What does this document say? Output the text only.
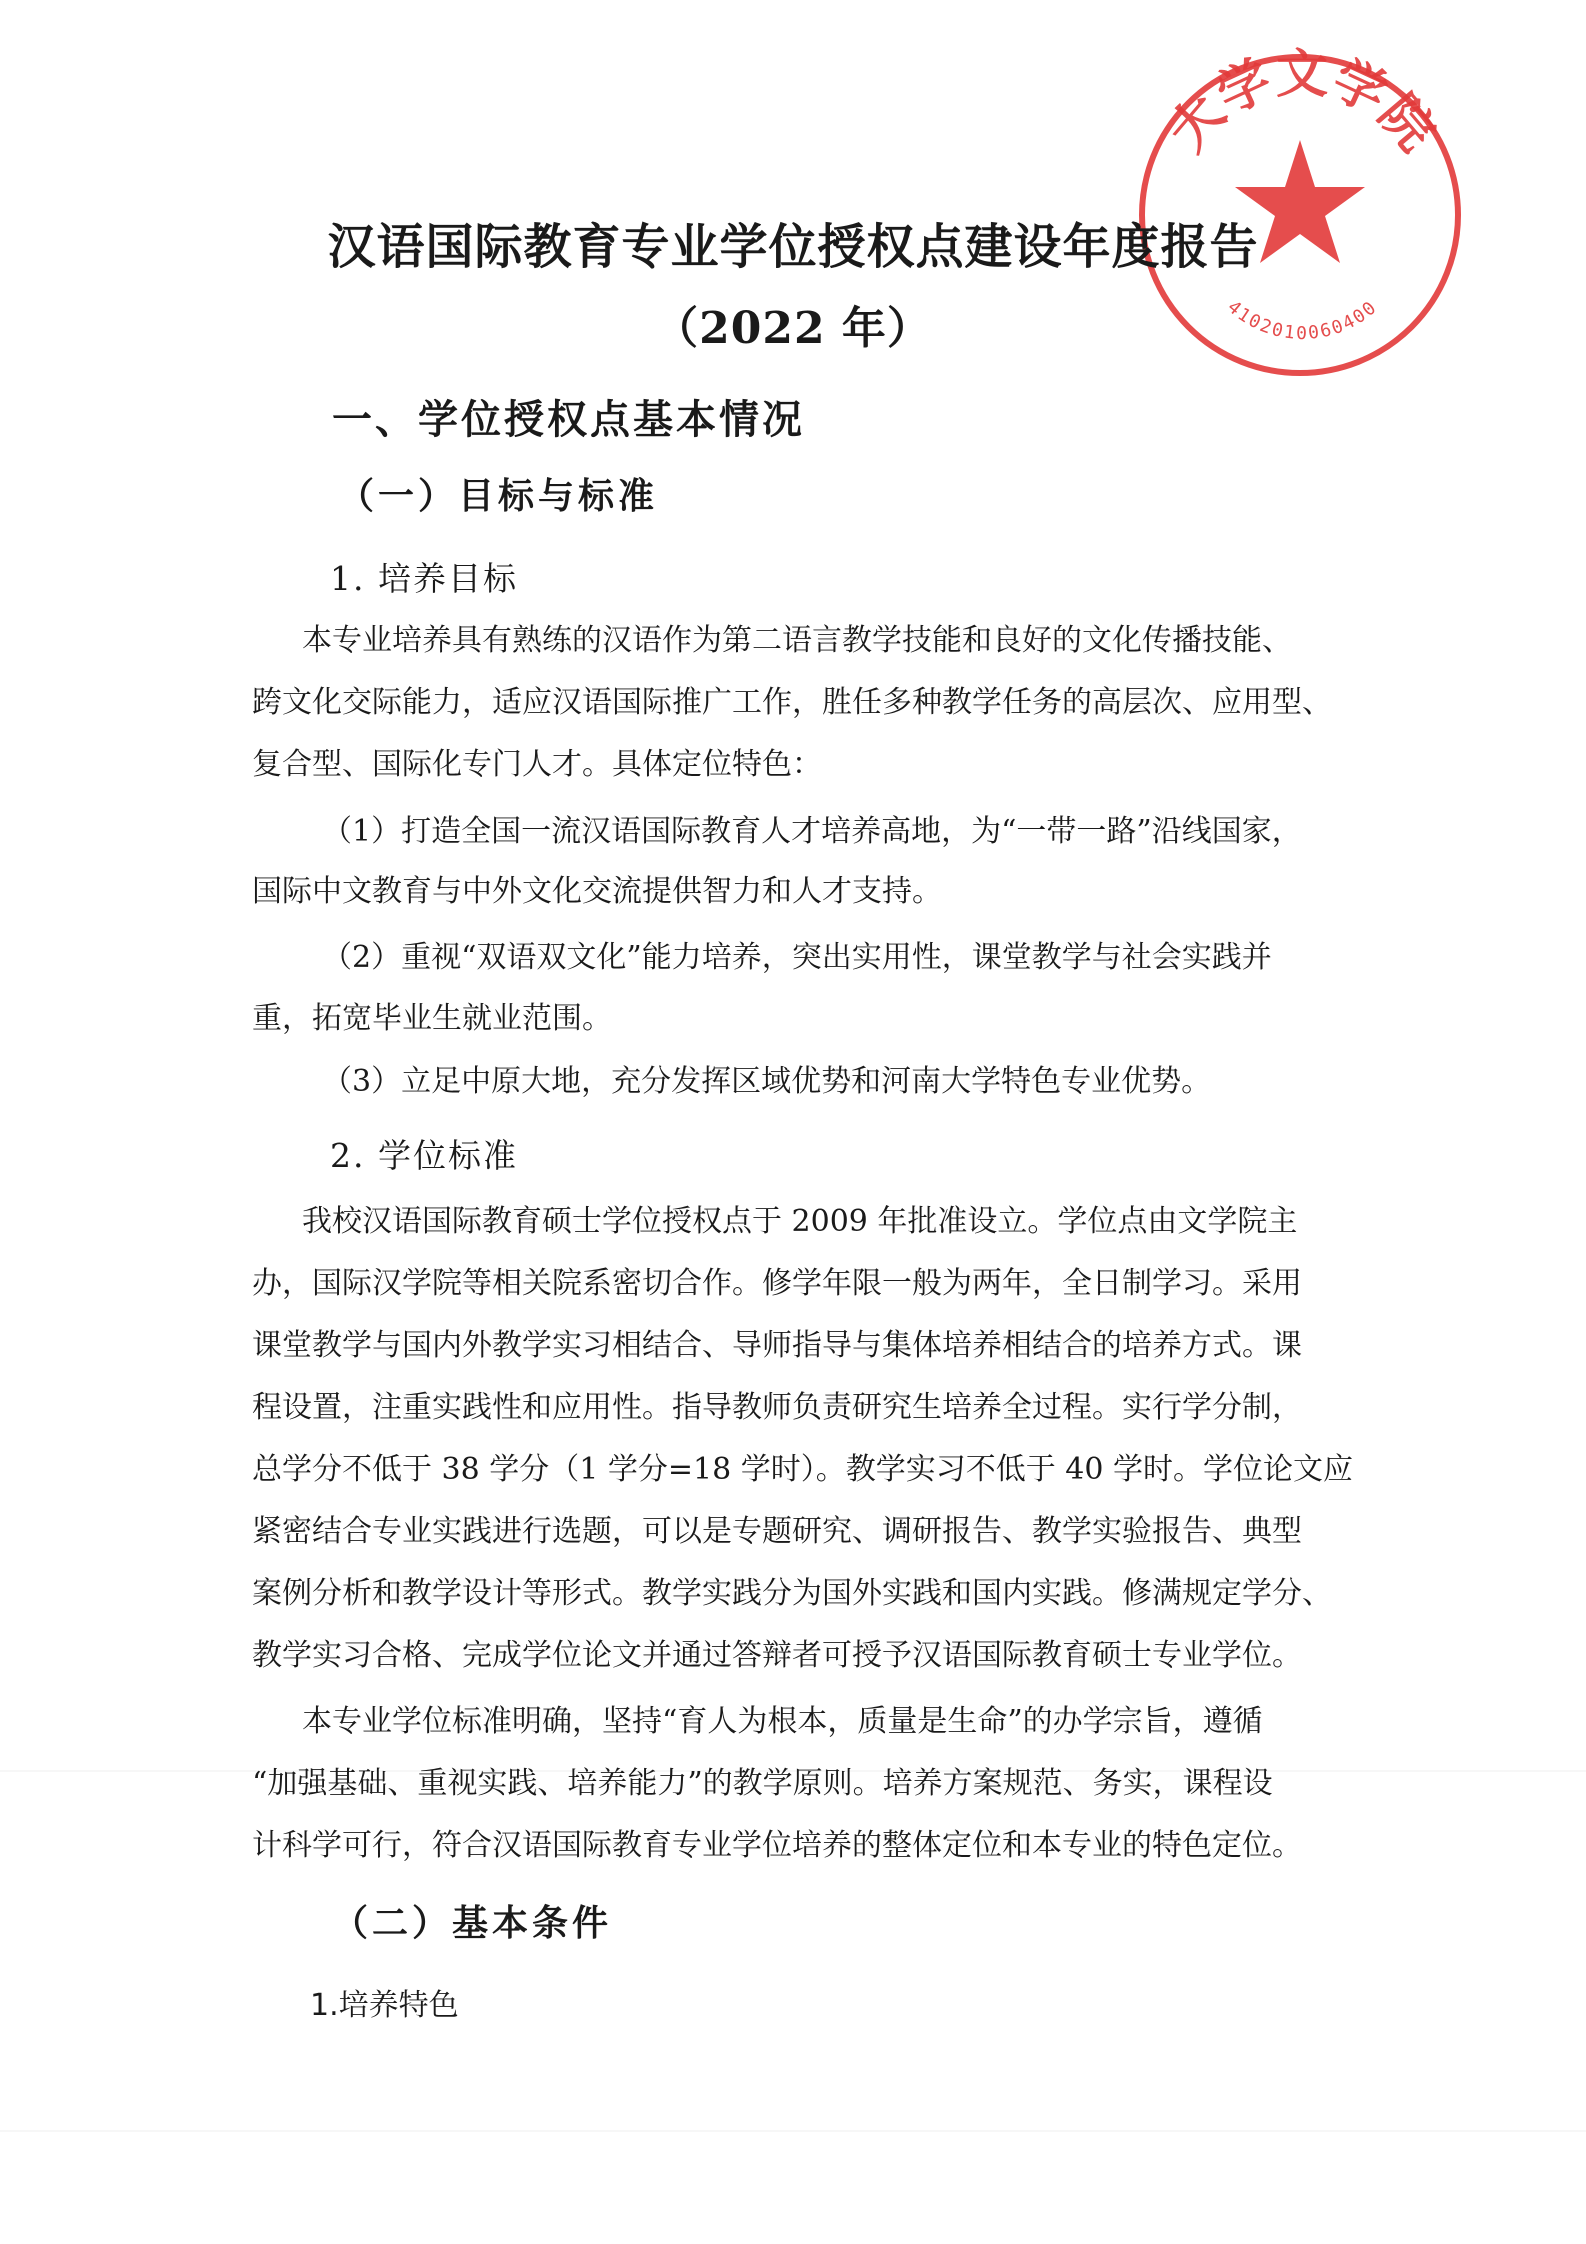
大学文学院
4102010060400
汉语国际教育专业学位授权点建设年度报告
（2022 年）
一、学位授权点基本情况
（一）目标与标准
1. 培养目标
本专业培养具有熟练的汉语作为第二语言教学技能和良好的文化传播技能、
跨文化交际能力，适应汉语国际推广工作，胜任多种教学任务的高层次、应用型、
复合型、国际化专门人才。具体定位特色：
（1）打造全国一流汉语国际教育人才培养高地，为“一带一路”沿线国家，
国际中文教育与中外文化交流提供智力和人才支持。
（2）重视“双语双文化”能力培养，突出实用性，课堂教学与社会实践并
重，拓宽毕业生就业范围。
（3）立足中原大地，充分发挥区域优势和河南大学特色专业优势。
2. 学位标准
我校汉语国际教育硕士学位授权点于 2009 年批准设立。学位点由文学院主
办，国际汉学院等相关院系密切合作。修学年限一般为两年，全日制学习。采用
课堂教学与国内外教学实习相结合、导师指导与集体培养相结合的培养方式。课
程设置，注重实践性和应用性。指导教师负责研究生培养全过程。实行学分制，
总学分不低于 38 学分（1 学分=18 学时）。教学实习不低于 40 学时。学位论文应
紧密结合专业实践进行选题，可以是专题研究、调研报告、教学实验报告、典型
案例分析和教学设计等形式。教学实践分为国外实践和国内实践。修满规定学分、
教学实习合格、完成学位论文并通过答辩者可授予汉语国际教育硕士专业学位。
本专业学位标准明确，坚持“育人为根本，质量是生命”的办学宗旨，遵循
“加强基础、重视实践、培养能力”的教学原则。培养方案规范、务实，课程设
计科学可行，符合汉语国际教育专业学位培养的整体定位和本专业的特色定位。
（二）基本条件
1.培养特色
